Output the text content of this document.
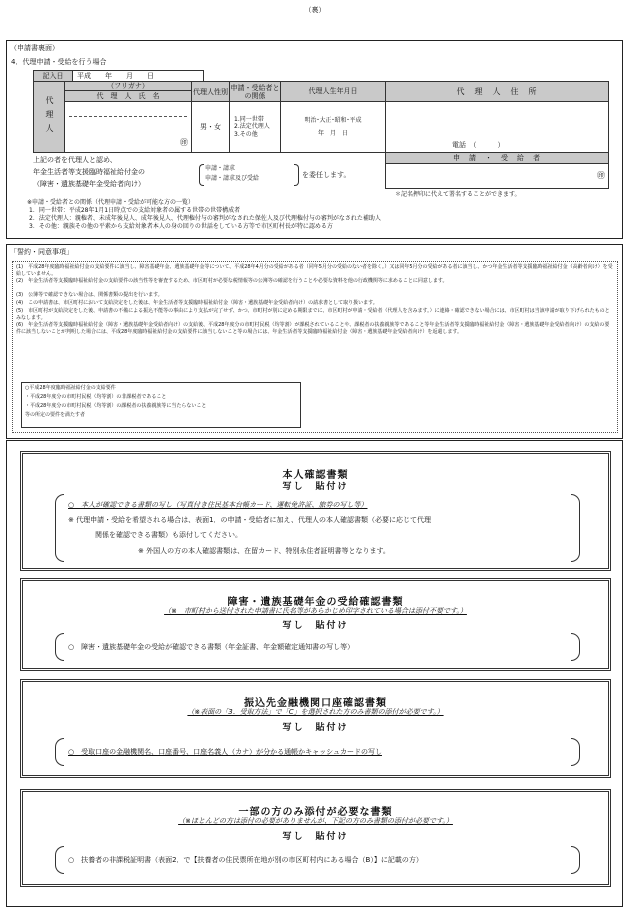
（裏）
（申請書裏面）
4．代理申請・受給を行う場合
記入日	平成　　年　　月　　日
代理人
（フリガナ）
代　理　人　氏　名
㊞
代理人性別
男・女
申請・受給者との関係
1.同一世帯
2.法定代理人
3.その他
代理人生年月日
明治･大正･昭和･平成
年　月　日
代　理　人　住　所
電話　（　　　）
上記の者を代理人と認め、
年金生活者等支援臨時福祉給付金の
（障害・遺族基礎年金受給者向け）
申請・請求
申請・請求及び受給	を委任します。
申　請　・　受　給　者
㊞
＊記名押印に代えて署名することができます。
※申請・受給者との関係（代理申請・受給が可能な方の一覧）
1．同一世帯：平成28年1月1日時点での支給対象者の属する世帯の世帯構成者
2．法定代理人：親権者、未成年後見人、成年後見人、代理権付与の審判がなされた保佐人及び代理権付与の審判がなされた補助人
3．その他：親族その他の平素から支給対象者本人の身の回りの世話をしている方等で市区町村長が特に認める方
「誓約・同意事項」
(1)　平成28年度臨時福祉給付金の支給要件に該当し、障害基礎年金、遺族基礎年金等について、平成28年4月分の受給がある者（同年5月分の受給のない者を除く。）又は同年5月分の受給がある者に該当し、かつ年金生活者等支援臨時福祉給付金（高齢者向け）を受給していません。
(2)　年金生活者等支援臨時福祉給付金の支給要件の該当性等を審査するため、市区町村が必要な税情報等の公簿等の確認を行うことや必要な資料を他の行政機関等に求めることに同意します。
(3)　公簿等で確認できない場合は、関係書類の提出を行います。
(4)　この申請書は、市区町村において支給決定をした後は、年金生活者等支援臨時福祉給付金（障害・遺族基礎年金受給者向け）の請求書として取り扱います。
(5)　市区町村が支給決定をした後、申請書の不備による振込不能等の事由により支払が完了せず、かつ、市町村が別に定める期限までに、市区町村が申請・受給者（代理人を含みます。）に連絡・確認できない場合には、市区町村は当該申請が取り下げられたものとみなします。
(6)　年金生活者等支援臨時福祉給付金（障害・遺族基礎年金受給者向け）の支給後、平成28年度分の市町村民税（均等割）が課税されていることや、課税者の扶養親族等であること等年金生活者等支援臨時福祉給付金（障害・遺族基礎年金受給者向け）の支給の要件に該当しないことが判明した場合には、平成28年度臨時福祉給付金の支給要件に該当しないこと等の場合には、年金生活者等支援臨時福祉給付金（障害・遺族基礎年金受給者向け）を返還します。
○平成28年度臨時福祉給付金の支給要件
・平成28年度分の市町村民税（均等割）の非課税者であること
・平成28年度分の市町村民税（均等割）の課税者の扶養親族等に当たらないこと
等の所定の要件を満たす者
本人確認書類
写し　貼付け
○　本人が確認できる書類の写し（写真付き住民基本台帳カード、運転免許証、旅券の写し等）
※ 代理申請・受給を希望される場合は、表面1．の申請・受給者に加え、代理人の本人確認書類（必要に応じて代理
関係を確認できる書類）も添付してください。
※ 外国人の方の本人確認書類は、在留カード、特別永住者証明書等となります。
障害・遺族基礎年金の受給確認書類
（※　市町村から送付された申請書に氏名等があらかじめ印字されている場合は添付不要です。）
写し　貼付け
○　障害・遺族基礎年金の受給が確認できる書類（年金証書、年金額確定通知書の写し等）
振込先金融機関口座確認書類
（※表面の「3．受取方法」で「C」を選択された方のみ書類の添付が必要です。）
写し　貼付け
○　受取口座の金融機関名、口座番号、口座名義人（カナ）が分かる通帳かキャッシュカードの写し
一部の方のみ添付が必要な書類
（※ほとんどの方は添付の必要がありませんが、下記の方のみ書類の添付が必要です。）
写し　貼付け
○　扶養者の非課税証明書（表面2．で【扶養者の住民票所在地が別の市区町村内にある場合（B）】に記載の方）
